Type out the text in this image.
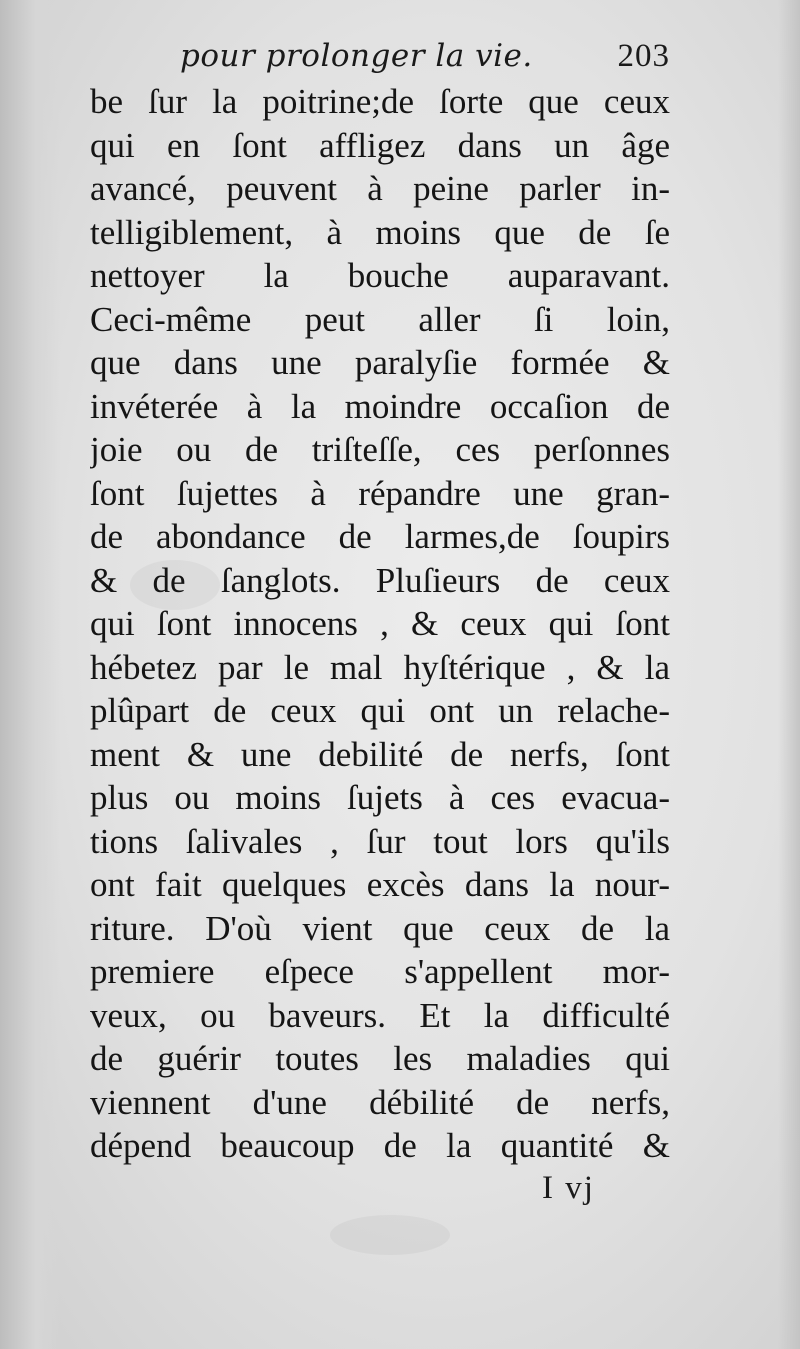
pour prolonger la vie.	203
be ſur la poitrine;de ſorte que ceux
qui en ſont affligez dans un âge
avancé, peuvent à peine parler in-
telligiblement, à moins que de ſe
nettoyer la bouche auparavant.
Ceci-même peut aller ſi loin,
que dans une paralyſie formée &
invéterée à la moindre occaſion de
joie ou de triſteſſe, ces perſonnes
ſont ſujettes à répandre une gran-
de abondance de larmes,de ſoupirs
& de ſanglots. Pluſieurs de ceux
qui ſont innocens , & ceux qui ſont
hébetez par le mal hyſtérique , & la
plûpart de ceux qui ont un relache-
ment & une debilité de nerfs, ſont
plus ou moins ſujets à ces evacua-
tions ſalivales , ſur tout lors qu'ils
ont fait quelques excès dans la nour-
riture. D'où vient que ceux de la
premiere eſpece s'appellent mor-
veux, ou baveurs. Et la difficulté
de guérir toutes les maladies qui
viennent d'une débilité de nerfs,
dépend beaucoup de la quantité &
I vj
